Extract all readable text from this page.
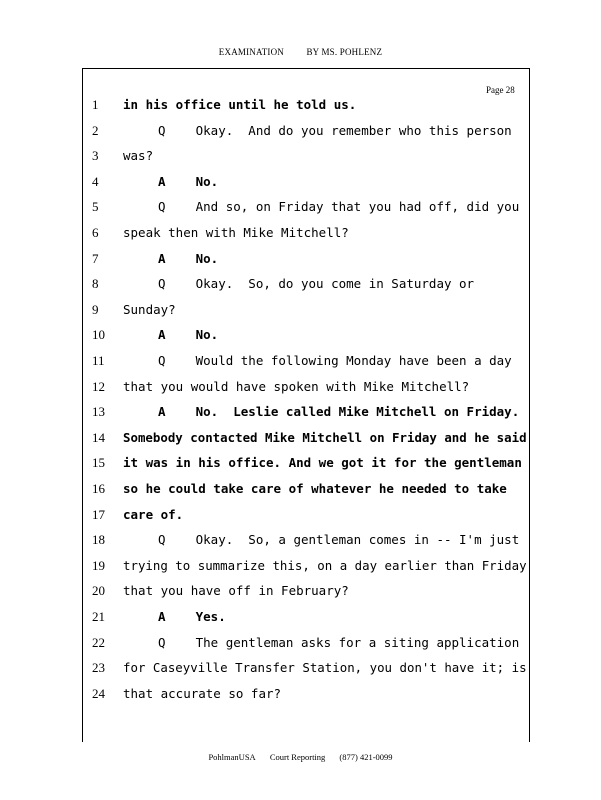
EXAMINATION BY MS. POHLENZ
Page 28
1	in his office until he told us.
2	Q    Okay.  And do you remember who this person
3	was?
4	A    No.
5	Q    And so, on Friday that you had off, did you
6	speak then with Mike Mitchell?
7	A    No.
8	Q    Okay.  So, do you come in Saturday or
9	Sunday?
10	A    No.
11	Q    Would the following Monday have been a day
12	that you would have spoken with Mike Mitchell?
13	A    No.  Leslie called Mike Mitchell on Friday.
14	Somebody contacted Mike Mitchell on Friday and he said
15	it was in his office. And we got it for the gentleman
16	so he could take care of whatever he needed to take
17	care of.
18	Q    Okay.  So, a gentleman comes in -- I'm just
19	trying to summarize this, on a day earlier than Friday
20	that you have off in February?
21	A    Yes.
22	Q    The gentleman asks for a siting application
23	for Caseyville Transfer Station, you don't have it; is
24	that accurate so far?
PohlmanUSA Court Reporting (877) 421-0099
